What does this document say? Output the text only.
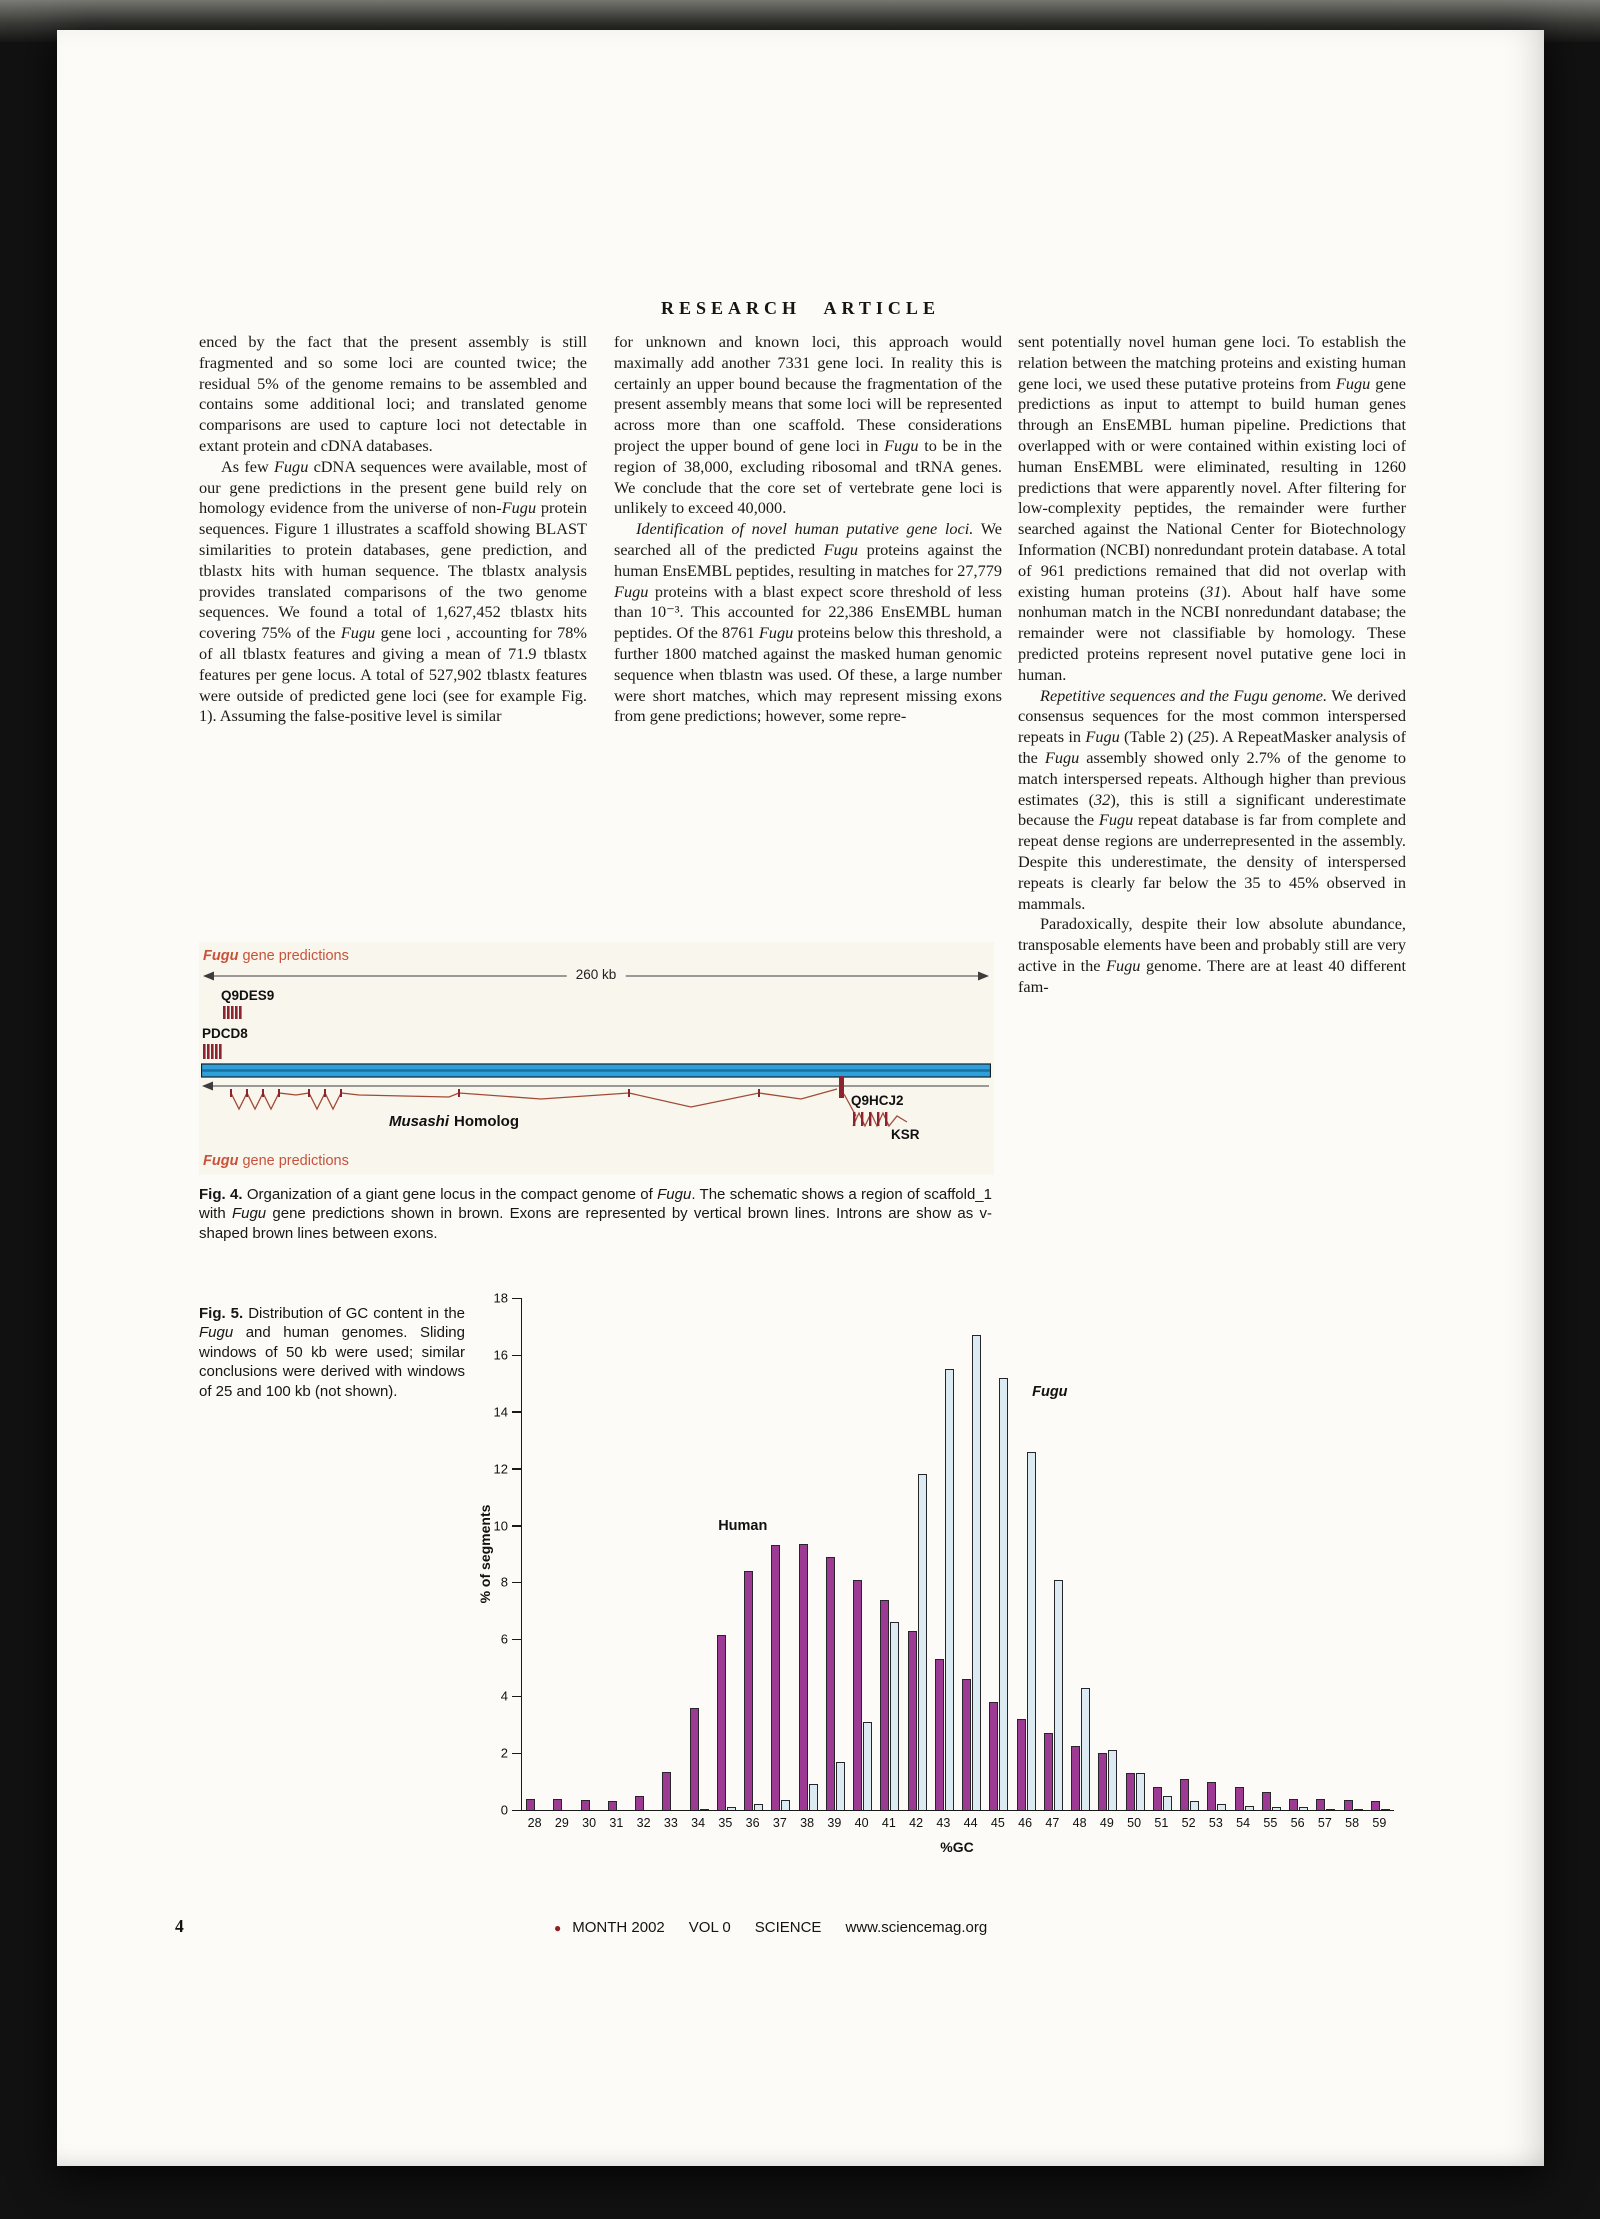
RESEARCH ARTICLE

enced by the fact that the present assembly is still fragmented and so some loci are counted twice; the residual 5% of the genome remains to be assembled and contains some additional loci; and translated genome comparisons are used to capture loci not detectable in extant protein and cDNA databases.

As few Fugu cDNA sequences were available, most of our gene predictions in the present gene build rely on homology evidence from the universe of non-Fugu protein sequences. Figure 1 illustrates a scaffold showing BLAST similarities to protein databases, gene prediction, and tblastx hits with human sequence. The tblastx analysis provides translated comparisons of the two genome sequences. We found a total of 1,627,452 tblastx hits covering 75% of the Fugu gene loci , accounting for 78% of all tblastx features and giving a mean of 71.9 tblastx features per gene locus. A total of 527,902 tblastx features were outside of predicted gene loci (see for example Fig. 1). Assuming the false-positive level is similar

for unknown and known loci, this approach would maximally add another 7331 gene loci. In reality this is certainly an upper bound because the fragmentation of the present assembly means that some loci will be represented across more than one scaffold. These considerations project the upper bound of gene loci in Fugu to be in the region of 38,000, excluding ribosomal and tRNA genes. We conclude that the core set of vertebrate gene loci is unlikely to exceed 40,000.

Identification of novel human putative gene loci. We searched all of the predicted Fugu proteins against the human EnsEMBL peptides, resulting in matches for 27,779 Fugu proteins with a blast expect score threshold of less than 10⁻³. This accounted for 22,386 EnsEMBL human peptides. Of the 8761 Fugu proteins below this threshold, a further 1800 matched against the masked human genomic sequence when tblastn was used. Of these, a large number were short matches, which may represent missing exons from gene predictions; however, some repre-

sent potentially novel human gene loci. To establish the relation between the matching proteins and existing human gene loci, we used these putative proteins from Fugu gene predictions as input to attempt to build human genes through an EnsEMBL human pipeline. Predictions that overlapped with or were contained within existing loci of human EnsEMBL were eliminated, resulting in 1260 predictions that were apparently novel. After filtering for low-complexity peptides, the remainder were further searched against the National Center for Biotechnology Information (NCBI) nonredundant protein database. A total of 961 predictions remained that did not overlap with existing human proteins (31). About half have some nonhuman match in the NCBI nonredundant database; the remainder were not classifiable by homology. These predicted proteins represent novel putative gene loci in human.

Repetitive sequences and the Fugu genome. We derived consensus sequences for the most common interspersed repeats in Fugu (Table 2) (25). A RepeatMasker analysis of the Fugu assembly showed only 2.7% of the genome to match interspersed repeats. Although higher than previous estimates (32), this is still a significant underestimate because the Fugu repeat database is far from complete and repeat dense regions are underrepresented in the assembly. Despite this underestimate, the density of interspersed repeats is clearly far below the 35 to 45% observed in mammals.

Paradoxically, despite their low absolute abundance, transposable elements have been and probably still are very active in the Fugu genome. There are at least 40 different fam-

Fugu gene predictions
260 kb
Q9DES9
PDCD8
Q9HCJ2
KSR
Musashi Homolog
Fugu gene predictions
Fig. 4. Organization of a giant gene locus in the compact genome of Fugu. The schematic shows a region of scaffold_1 with Fugu gene predictions shown in brown. Exons are represented by vertical brown lines. Introns are show as v-shaped brown lines between exons.
Fig. 5. Distribution of GC content in the Fugu and human genomes. Sliding windows of 50 kb were used; similar conclusions were derived with windows of 25 and 100 kb (not shown).
% of segments	Human
Fugu
0
2
4
6
8
10
12
14
16
18
28	29	30	31	32	33	34	35	36	37	38	39	40	41	42	43	44	45	46	47	48	49	50	51	52	53	54	55	56	57	58	59
%GC
4	● MONTH 2002 VOL 0 SCIENCE www.sciencemag.org
